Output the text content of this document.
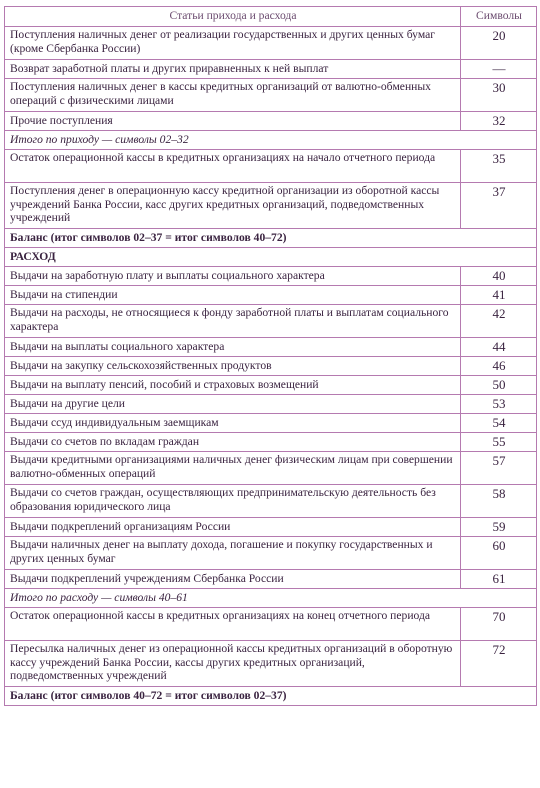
Статьи прихода и расхода	Символы
Поступления наличных денег от реализации государственных и других ценных бумаг (кроме Сбербанка России)	20
Возврат заработной платы и других приравненных к ней выплат	—
Поступления наличных денег в кассы кредитных организаций от валютно-обменных операций с физическими лицами	30
Прочие поступления	32
Итого по приходу — символы 02–32	
Остаток операционной кассы в кредитных организациях на начало отчетного периода	35
Поступления денег в операционную кассу кредитной организации из оборотной кассы учреждений Банка России, касс других кредитных организаций, подведомственных учреждений	37
Баланс (итог символов 02–37 = итог символов 40–72)	
РАСХОД	
Выдачи на заработную плату и выплаты социального характера	40
Выдачи на стипендии	41
Выдачи на расходы, не относящиеся к фонду заработной платы и выплатам социального характера	42
Выдачи на выплаты социального характера	44
Выдачи на закупку сельскохозяйственных продуктов	46
Выдачи на выплату пенсий, пособий и страховых возмещений	50
Выдачи на другие цели	53
Выдачи ссуд индивидуальным заемщикам	54
Выдачи со счетов по вкладам граждан	55
Выдачи кредитными организациями наличных денег физическим лицам при совершении валютно-обменных операций	57
Выдачи со счетов граждан, осуществляющих предпринимательскую деятельность без образования юридического лица	58
Выдачи подкреплений организациям России	59
Выдачи наличных денег на выплату дохода, погашение и покупку государственных и других ценных бумаг	60
Выдачи подкреплений учреждениям Сбербанка России	61
Итого по расходу — символы 40–61	
Остаток операционной кассы в кредитных организациях на конец отчетного периода	70
Пересылка наличных денег из операционной кассы кредитных организаций в оборотную кассу учреждений Банка России, кассы других кредитных организаций, подведомственных учреждений	72
Баланс (итог символов 40–72 = итог символов 02–37)	
